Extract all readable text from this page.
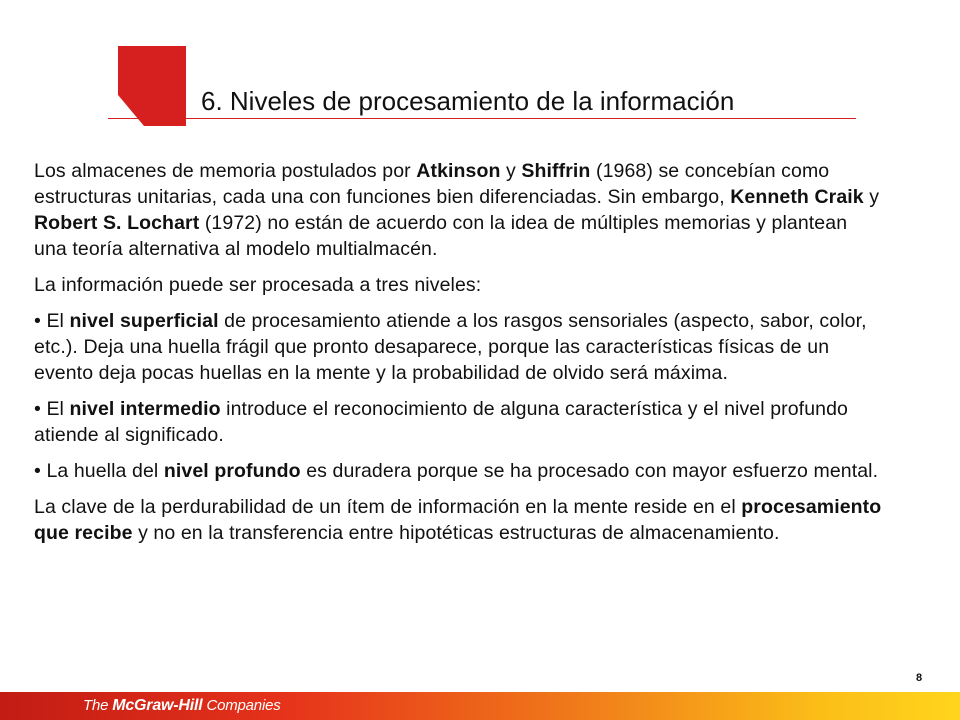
6. Niveles de procesamiento de la información

Los almacenes de memoria postulados por Atkinson y Shiffrin (1968) se concebían como estructuras unitarias, cada una con funciones bien diferenciadas. Sin embargo, Kenneth Craik y Robert S. Lochart (1972) no están de acuerdo con la idea de múltiples memorias y plantean una teoría alternativa al modelo multialmacén.

La información puede ser procesada a tres niveles:

• El nivel superficial de procesamiento atiende a los rasgos sensoriales (aspecto, sabor, color, etc.). Deja una huella frágil que pronto desaparece, porque las características físicas de un evento deja pocas huellas en la mente y la probabilidad de olvido será máxima.

• El nivel intermedio introduce el reconocimiento de alguna característica y el nivel profundo atiende al significado.

• La huella del nivel profundo es duradera porque se ha procesado con mayor esfuerzo mental.

La clave de la perdurabilidad de un ítem de información en la mente reside en el procesamiento que recibe y no en la transferencia entre hipotéticas estructuras de almacenamiento.

8
The McGraw-Hill Companies
